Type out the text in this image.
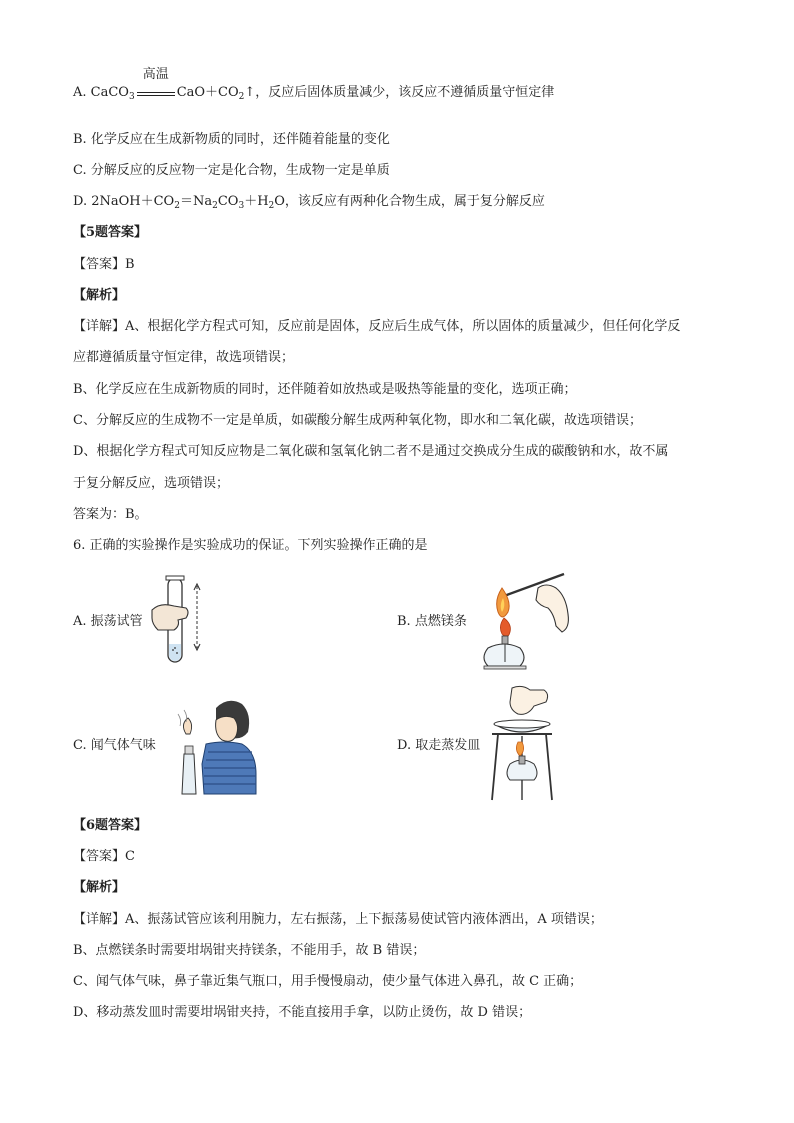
A. CaCO$_3$
高温
$CaO+CO_2↑$，反应后固体质量减少，该反应不遵循质量守恒定律
B. 化学反应在生成新物质的同时，还伴随着能量的变化
C. 分解反应的反应物一定是化合物，生成物一定是单质
D. $2NaOH+CO_2=Na_2CO_3+H_2O$，该反应有两种化合物生成，属于复分解反应
【5题答案】
【答案】B
【解析】
【详解】A、根据化学方程式可知，反应前是固体，反应后生成气体，所以固体的质量减少，但任何化学反
应都遵循质量守恒定律，故选项错误；
B、化学反应在生成新物质的同时，还伴随着如放热或是吸热等能量的变化，选项正确；
C、分解反应的生成物不一定是单质，如碳酸分解生成两种氧化物，即水和二氧化碳，故选项错误；
D、根据化学方程式可知反应物是二氧化碳和氢氧化钠二者不是通过交换成分生成的碳酸钠和水，故不属
于复分解反应，选项错误；
答案为：B。
6. 正确的实验操作是实验成功的保证。下列实验操作正确的是
A. 振荡试管	B. 点燃镁条
C. 闻气体气味	D. 取走蒸发皿
【6题答案】
【答案】C
【解析】
【详解】A、振荡试管应该利用腕力，左右振荡，上下振荡易使试管内液体洒出，A 项错误；
B、点燃镁条时需要坩埚钳夹持镁条，不能用手，故 B 错误；
C、闻气体气味，鼻子靠近集气瓶口，用手慢慢扇动，使少量气体进入鼻孔，故 C 正确；
D、移动蒸发皿时需要坩埚钳夹持，不能直接用手拿，以防止烫伤，故 D 错误；
